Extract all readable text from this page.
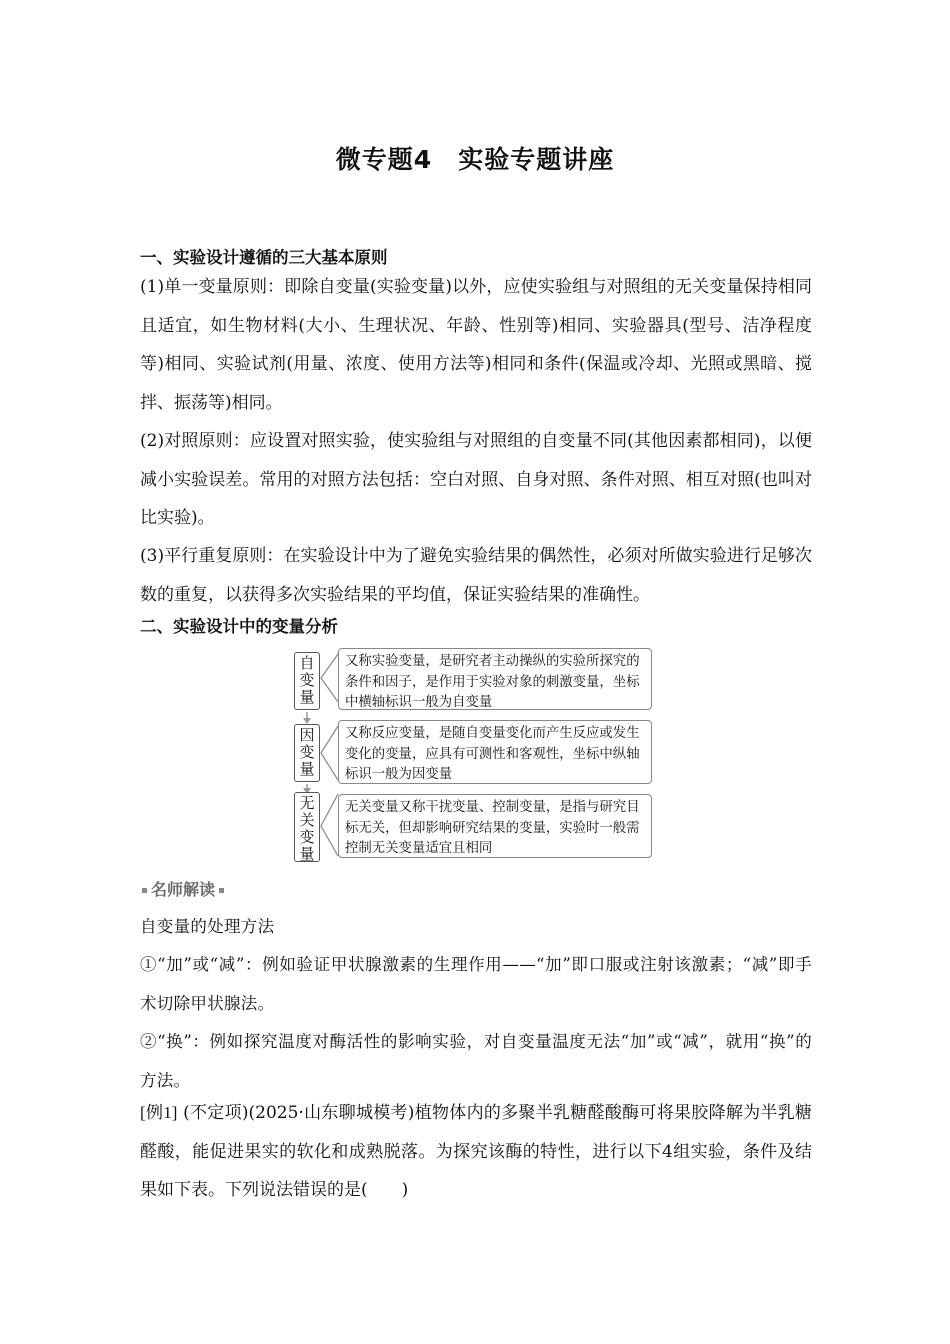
微专题4　实验专题讲座
一、实验设计遵循的三大基本原则
(1)单一变量原则：即除自变量(实验变量)以外，应使实验组与对照组的无关变量保持相同且适宜，如生物材料(大小、生理状况、年龄、性别等)相同、实验器具(型号、洁净程度等)相同、实验试剂(用量、浓度、使用方法等)相同和条件(保温或冷却、光照或黑暗、搅拌、振荡等)相同。
(2)对照原则：应设置对照实验，使实验组与对照组的自变量不同(其他因素都相同)，以便减小实验误差。常用的对照方法包括：空白对照、自身对照、条件对照、相互对照(也叫对比实验)。
(3)平行重复原则：在实验设计中为了避免实验结果的偶然性，必须对所做实验进行足够次数的重复，以获得多次实验结果的平均值，保证实验结果的准确性。
二、实验设计中的变量分析
自变量
又称实验变量，是研究者主动操纵的实验所探究的条件和因子，是作用于实验对象的刺激变量，坐标中横轴标识一般为自变量
因变量
又称反应变量，是随自变量变化而产生反应或发生变化的变量，应具有可测性和客观性，坐标中纵轴标识一般为因变量
无关变量
无关变量又称干扰变量、控制变量，是指与研究目标无关，但却影响研究结果的变量，实验时一般需控制无关变量适宜且相同
名师解读
自变量的处理方法
①“加”或“减”：例如验证甲状腺激素的生理作用——“加”即口服或注射该激素；“减”即手术切除甲状腺法。
②“换”：例如探究温度对酶活性的影响实验，对自变量温度无法“加”或“减”，就用“换”的方法。
[例1] (不定项)(2025·山东聊城模考)植物体内的多聚半乳糖醛酸酶可将果胶降解为半乳糖醛酸，能促进果实的软化和成熟脱落。为探究该酶的特性，进行以下4组实验，条件及结果如下表。下列说法错误的是(　　)
